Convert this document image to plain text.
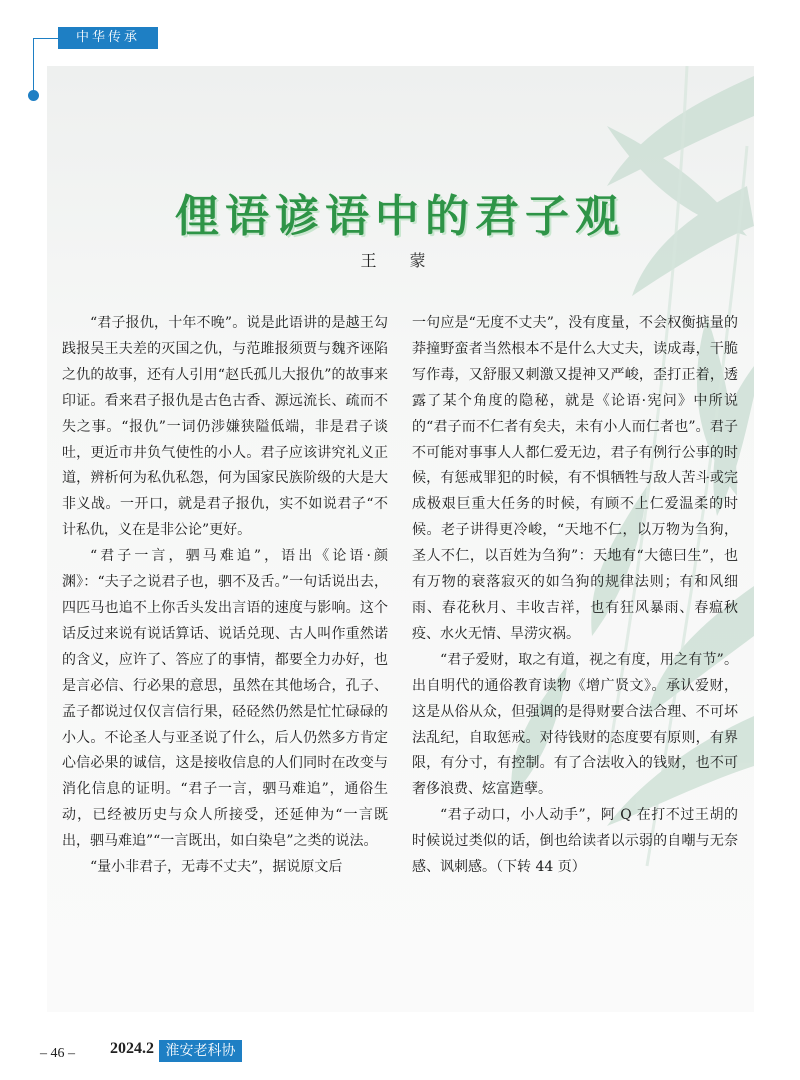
中华传承
俚语谚语中的君子观
王 蒙

“君子报仇，十年不晚”。说是此语讲的是越王勾践报吴王夫差的灭国之仇，与范雎报须贾与魏齐诬陷之仇的故事，还有人引用“赵氏孤儿大报仇”的故事来印证。看来君子报仇是古色古香、源远流长、疏而不失之事。“报仇”一词仍涉嫌狭隘低端，非是君子谈吐，更近市井负气使性的小人。君子应该讲究礼义正道，辨析何为私仇私怨，何为国家民族阶级的大是大非义战。一开口，就是君子报仇，实不如说君子“不计私仇，义在是非公论”更好。

“君子一言，驷马难追”，语出《论语·颜渊》：“夫子之说君子也，驷不及舌。”一句话说出去，四匹马也追不上你舌头发出言语的速度与影响。这个话反过来说有说话算话、说话兑现、古人叫作重然诺的含义，应许了、答应了的事情，都要全力办好，也是言必信、行必果的意思，虽然在其他场合，孔子、孟子都说过仅仅言信行果，硁硁然仍然是忙忙碌碌的小人。不论圣人与亚圣说了什么，后人仍然多方肯定心信必果的诚信，这是接收信息的人们同时在改变与消化信息的证明。“君子一言，驷马难追”，通俗生动，已经被历史与众人所接受，还延伸为“一言既出，驷马难追”“一言既出，如白染皂”之类的说法。

“量小非君子，无毒不丈夫”，据说原文后

一句应是“无度不丈夫”，没有度量，不会权衡掂量的莽撞野蛮者当然根本不是什么大丈夫，读成毒，干脆写作毒，又舒服又刺激又提神又严峻，歪打正着，透露了某个角度的隐秘，就是《论语·宪问》中所说的“君子而不仁者有矣夫，未有小人而仁者也”。君子不可能对事事人人都仁爱无边，君子有例行公事的时候，有惩戒罪犯的时候，有不惧牺牲与敌人苦斗或完成极艰巨重大任务的时候，有顾不上仁爱温柔的时候。老子讲得更冷峻，“天地不仁，以万物为刍狗，圣人不仁，以百姓为刍狗”：天地有“大德曰生”，也有万物的衰落寂灭的如刍狗的规律法则；有和风细雨、春花秋月、丰收吉祥，也有狂风暴雨、春瘟秋疫、水火无情、旱涝灾祸。

“君子爱财，取之有道，视之有度，用之有节”。出自明代的通俗教育读物《增广贤文》。承认爱财，这是从俗从众，但强调的是得财要合法合理、不可坏法乱纪，自取惩戒。对待钱财的态度要有原则，有界限，有分寸，有控制。有了合法收入的钱财，也不可奢侈浪费、炫富造孽。

“君子动口，小人动手”，阿 Q 在打不过王胡的时候说过类似的话，倒也给读者以示弱的自嘲与无奈感、讽刺感。（下转 44 页）

– 46 – 2024.2 淮安老科协
